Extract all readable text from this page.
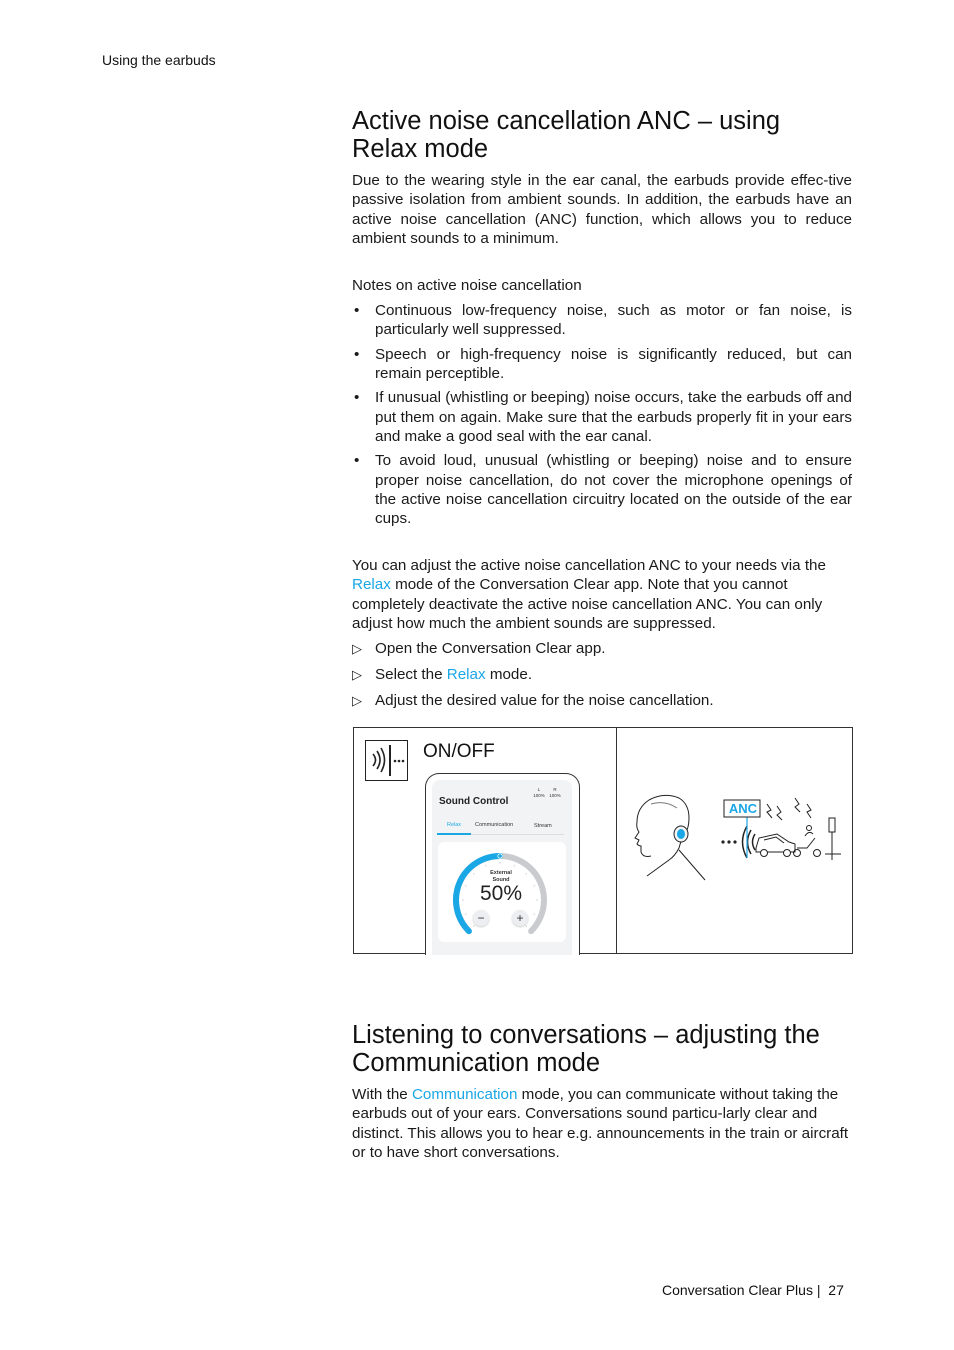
Using the earbuds
Active noise cancellation ANC – using Relax mode

Due to the wearing style in the ear canal, the earbuds provide effec-tive passive isolation from ambient sounds. In addition, the earbuds have an active noise cancellation (ANC) function, which allows you to reduce ambient sounds to a minimum.

Notes on active noise cancellation

• Continuous low-frequency noise, such as motor or fan noise, is particularly well suppressed.
• Speech or high-frequency noise is significantly reduced, but can remain perceptible.
• If unusual (whistling or beeping) noise occurs, take the earbuds off and put them on again. Make sure that the earbuds properly fit in your ears and make a good seal with the ear canal.
• To avoid loud, unusual (whistling or beeping) noise and to ensure proper noise cancellation, do not cover the microphone openings of the active noise cancellation circuitry located on the outside of the ear cups.

You can adjust the active noise cancellation ANC to your needs via the Relax mode of the Conversation Clear app. Note that you cannot completely deactivate the active noise cancellation ANC. You can only adjust how much the ambient sounds are suppressed.

▷ Open the Conversation Clear app.
▷ Select the Relax mode.
▷ Adjust the desired value for the noise cancellation.
ON/OFF
Sound Control
L
100%
R
100%
Relax	Communication	Stream
External
Sound
50%
−	+
ANC
Listening to conversations – adjusting the Communication mode

With the Communication mode, you can communicate without taking the earbuds out of your ears. Conversations sound particu-larly clear and distinct. This allows you to hear e.g. announcements in the train or aircraft or to have short conversations.

Conversation Clear Plus | 27
